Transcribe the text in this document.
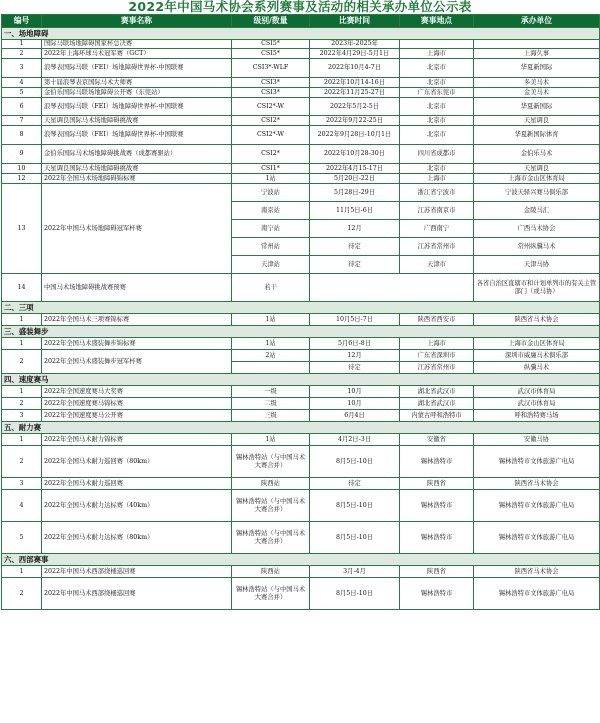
2022年中国马术协会系列赛事及活动的相关承办单位公示表
编号	赛事名称	级别/数量	比赛时间	赛事地点	承办单位
一、场地障碍					
1	国际马联场地障碍国家杯总决赛	CSI5*	2023年-2025年		
2	2022年上海环球马术冠军赛（GCT）	CSI5*	2022年4月29日-5月1日	上海市	上海久事
3	浪琴表国际马联（FEI）场地障碍世界杯-中国联赛	CSI3*-WLF	2022年10月4-7日	北京市	华夏新国际
4	第十届浪琴表京国际马术大师赛	CSI3*	2022年10月14-16日	北京市	多美马术
5	金伯乐国际马联场地障碍公开赛（东莞站）	CSI3*	2022年11月25-27日	广东省东莞市	金美马术
6	浪琴表国际马联（FEI）场地障碍世界杯-中国联赛	CSI2*-W	2022年5月2-5日	北京市	华夏新国际
7	天星调良国际马术场地障碍挑战赛	CSI2*	2022年9月22-25日	北京市	天星调良
8	浪琴表国际马联（FEI）场地障碍世界杯-中国联赛	CSI2*-W	2022年9月28日-10月1日	北京市	华夏新国际体育
9	金伯乐国际马术场地障碍挑战赛（成都赛驱站）	CSI2*	2022年10月28-30日	四川省成都市	金伯乐马术
10	天星调良国际马术场地障碍挑战赛	CSI1*	2022年4月15-17日	北京市	天星调良
12	2022年全国马术场地障碍锦标赛	1站	5月20日-22日	上海市	上海市金山区体育局
13	2022年中国马术场地障碍冠军杯赛	宁波站	5月28日-29日	浙江省宁波市	宁波天驿兴赛马俱乐部
		南京站	11月5日-6日	江苏省南京市	金陵马汇
		南宁站	12月	广西南宁	广西马术协会
		常州站	待定	江苏省常州市	常州纵骥马术
		天津站	待定	天津市	天津马协
14	中国马术场地障碍挑战赛预赛	若干			各省自治区直辖市和计划单列市的有关主管部门（或马协）
二、三项					
1	2022年全国马术三项赛锦标赛	1站	10月5日-7日	陕西省西安市	陕西省马术协会
三、盛装舞步					
1	2022年全国马术盛装舞步锦标赛	1站	5月6日-8日	上海市	上海市金山区体育局
2	2022年全国马术盛装舞步冠军杯赛	2站	12月	广东省深圳市	深圳市威廉马术俱乐部
			待定	江苏省常州市	纵骥马术
四、速度赛马					
1	2022年全国速度赛马大奖赛	一级	10月	湖北省武汉市	武汉市体育局
2	2022年全国速度赛马锦标赛	二级	10月	湖北省武汉市	武汉市体育局
3	2022年全国速度赛马公开赛	三级	6月4日	内蒙古呼和浩特市	呼和浩特赛马场
五、耐力赛					
1	2022年全国马术耐力锦标赛	1站	4月2日-3日	安徽省	安徽马协
2	2022年全国马术耐力巡回赛（80km）	锡林浩特站（与中国马术大赛合并）	8月5日-10日	锡林浩特市	锡林浩特市文体旅游广电局
3	2022年全国马术耐力巡回赛	陕西站	待定	陕西省	陕西省马术协会
4	2022年全国马术耐力达标赛（40km）	锡林浩特站（与中国马术大赛合并）	8月5日-10日	锡林浩特市	锡林浩特市文体旅游广电局
5	2022年全国马术耐力达标赛（80km）	锡林浩特站（与中国马术大赛合并）	8月5日-10日	锡林浩特市	锡林浩特市文体旅游广电局
六、西部赛事					
1	2022年中国马术西部绕桶巡回赛	陕西站	3月-4月	陕西省	陕西省马术协会
2	2022年中国马术西部绕桶巡回赛	锡林浩特站（与中国马术大赛合并）	8月5日-10日	锡林浩特市	锡林浩特市文体旅游广电局
